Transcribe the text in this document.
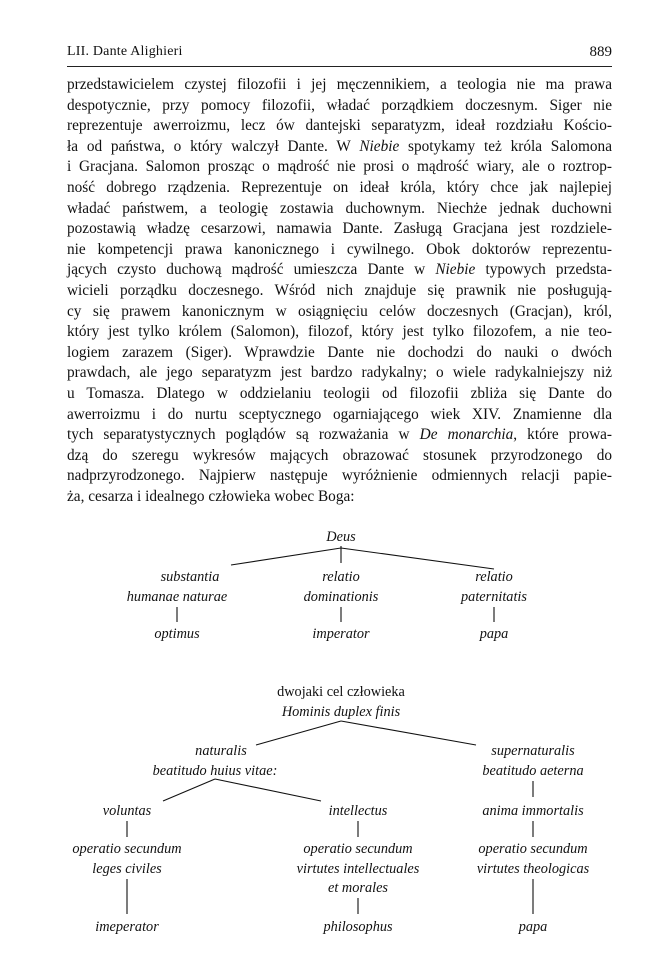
LII. Dante Alighieri	889
przedstawicielem czystej filozofii i jej męczennikiem, a teologia nie ma prawa
despotycznie, przy pomocy filozofii, władać porządkiem doczesnym. Siger nie
reprezentuje awerroizmu, lecz ów dantejski separatyzm, ideał rozdziału Kościo-
ła od państwa, o który walczył Dante. W Niebie spotykamy też króla Salomona
i Gracjana. Salomon prosząc o mądrość nie prosi o mądrość wiary, ale o roztrop-
ność dobrego rządzenia. Reprezentuje on ideał króla, który chce jak najlepiej
władać państwem, a teologię zostawia duchownym. Niechże jednak duchowni
pozostawią władzę cesarzowi, namawia Dante. Zasługą Gracjana jest rozdziele-
nie kompetencji prawa kanonicznego i cywilnego. Obok doktorów reprezentu-
jących czysto duchową mądrość umieszcza Dante w Niebie typowych przedsta-
wicieli porządku doczesnego. Wśród nich znajduje się prawnik nie posługują-
cy się prawem kanonicznym w osiągnięciu celów doczesnych (Gracjan), król,
który jest tylko królem (Salomon), filozof, który jest tylko filozofem, a nie teo-
logiem zarazem (Siger). Wprawdzie Dante nie dochodzi do nauki o dwóch
prawdach, ale jego separatyzm jest bardzo radykalny; o wiele radykalniejszy niż
u Tomasza. Dlatego w oddzielaniu teologii od filozofii zbliża się Dante do
awerroizmu i do nurtu sceptycznego ogarniającego wiek XIV. Znamienne dla
tych separatystycznych poglądów są rozważania w De monarchia, które prowa-
dzą do szeregu wykresów mających obrazować stosunek przyrodzonego do
nadprzyrodzonego. Najpierw następuje wyróżnienie odmiennych relacji papie-
ża, cesarza i idealnego człowieka wobec Boga:
Deus
substantia
humanae naturae
optimus
relatio
dominationis
imperator
relatio
paternitatis
papa
dwojaki cel człowieka
Hominis duplex finis
naturalis
beatitudo huius vitae:
voluntas
operatio secundum
leges civiles
imeperator
intellectus
operatio secundum
virtutes intellectuales
et morales
philosophus
supernaturalis
beatitudo aeterna
anima immortalis
operatio secundum
virtutes theologicas
papa
